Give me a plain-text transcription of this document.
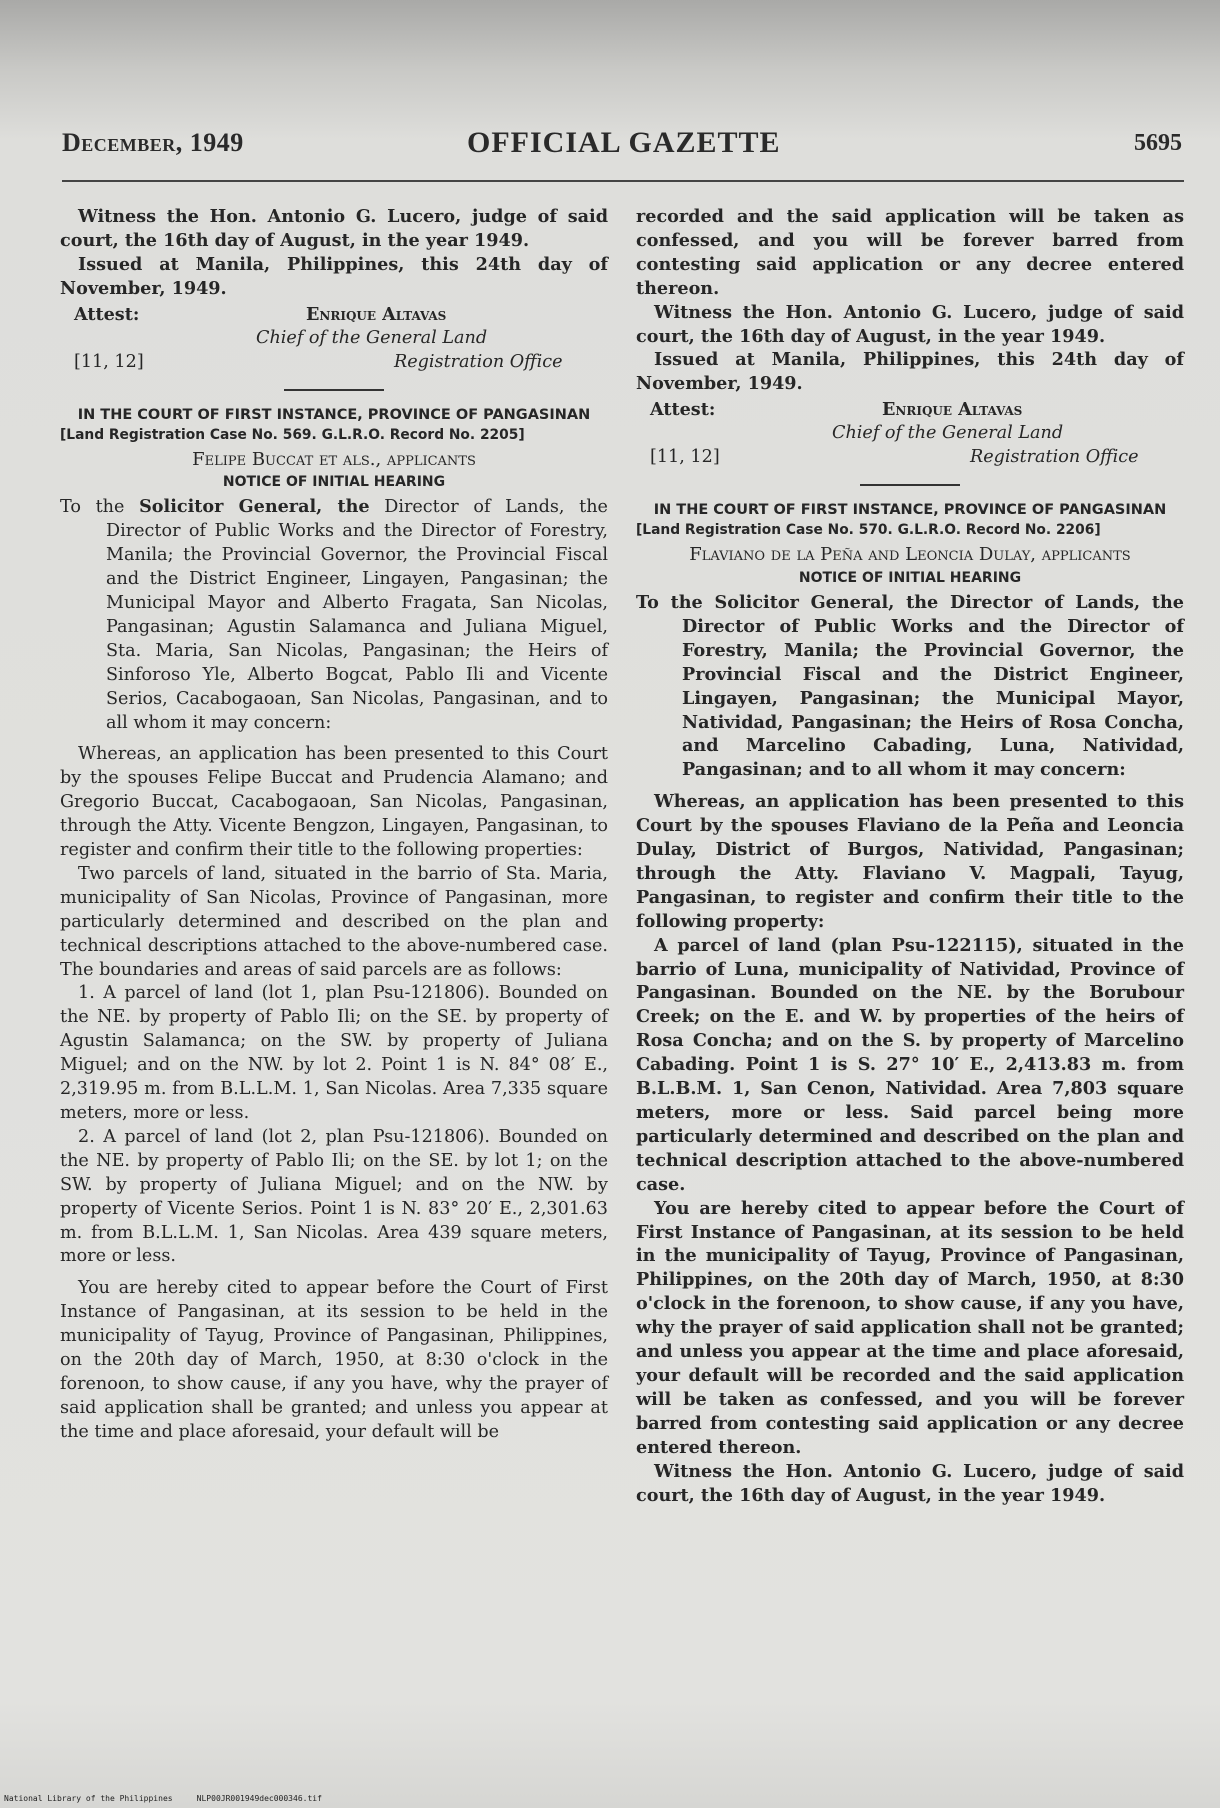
December, 1949	OFFICIAL GAZETTE	5695

Witness the Hon. Antonio G. Lucero, judge of said court, the 16th day of August, in the year 1949.

Issued at Manila, Philippines, this 24th day of November, 1949.

Attest:	Enrique Altavas
Chief of the General Land
[11, 12]	Registration Office

IN THE COURT OF FIRST INSTANCE, PROVINCE OF PANGASINAN

[Land Registration Case No. 569. G.L.R.O. Record No. 2205]

Felipe Buccat et als., applicants

NOTICE OF INITIAL HEARING

To the Solicitor General, the Director of Lands, the Director of Public Works and the Director of Forestry, Manila; the Provincial Governor, the Provincial Fiscal and the District Engineer, Lingayen, Pangasinan; the Municipal Mayor and Alberto Fragata, San Nicolas, Pangasinan; Agustin Salamanca and Juliana Miguel, Sta. Maria, San Nicolas, Pangasinan; the Heirs of Sinforoso Yle, Alberto Bogcat, Pablo Ili and Vicente Serios, Cacabogaoan, San Nicolas, Pangasinan, and to all whom it may concern:

Whereas, an application has been presented to this Court by the spouses Felipe Buccat and Prudencia Alamano; and Gregorio Buccat, Cacabogaoan, San Nicolas, Pangasinan, through the Atty. Vicente Bengzon, Lingayen, Pangasinan, to register and confirm their title to the following properties:

Two parcels of land, situated in the barrio of Sta. Maria, municipality of San Nicolas, Province of Pangasinan, more particularly determined and described on the plan and technical descriptions attached to the above-numbered case. The boundaries and areas of said parcels are as follows:

1. A parcel of land (lot 1, plan Psu-121806). Bounded on the NE. by property of Pablo Ili; on the SE. by property of Agustin Salamanca; on the SW. by property of Juliana Miguel; and on the NW. by lot 2. Point 1 is N. 84° 08′ E., 2,319.95 m. from B.L.L.M. 1, San Nicolas. Area 7,335 square meters, more or less.

2. A parcel of land (lot 2, plan Psu-121806). Bounded on the NE. by property of Pablo Ili; on the SE. by lot 1; on the SW. by property of Juliana Miguel; and on the NW. by property of Vicente Serios. Point 1 is N. 83° 20′ E., 2,301.63 m. from B.L.L.M. 1, San Nicolas. Area 439 square meters, more or less.

You are hereby cited to appear before the Court of First Instance of Pangasinan, at its session to be held in the municipality of Tayug, Province of Pangasinan, Philippines, on the 20th day of March, 1950, at 8:30 o'clock in the forenoon, to show cause, if any you have, why the prayer of said application shall be granted; and unless you appear at the time and place aforesaid, your default will be

recorded and the said application will be taken as confessed, and you will be forever barred from contesting said application or any decree entered thereon.

Witness the Hon. Antonio G. Lucero, judge of said court, the 16th day of August, in the year 1949.

Issued at Manila, Philippines, this 24th day of November, 1949.

Attest:	Enrique Altavas
Chief of the General Land
[11, 12]	Registration Office

IN THE COURT OF FIRST INSTANCE, PROVINCE OF PANGASINAN

[Land Registration Case No. 570. G.L.R.O. Record No. 2206]

Flaviano de la Peña and Leoncia Dulay, applicants

NOTICE OF INITIAL HEARING

To the Solicitor General, the Director of Lands, the Director of Public Works and the Director of Forestry, Manila; the Provincial Governor, the Provincial Fiscal and the District Engineer, Lingayen, Pangasinan; the Municipal Mayor, Natividad, Pangasinan; the Heirs of Rosa Concha, and Marcelino Cabading, Luna, Natividad, Pangasinan; and to all whom it may concern:

Whereas, an application has been presented to this Court by the spouses Flaviano de la Peña and Leoncia Dulay, District of Burgos, Natividad, Pangasinan; through the Atty. Flaviano V. Magpali, Tayug, Pangasinan, to register and confirm their title to the following property:

A parcel of land (plan Psu-122115), situated in the barrio of Luna, municipality of Natividad, Province of Pangasinan. Bounded on the NE. by the Borubour Creek; on the E. and W. by properties of the heirs of Rosa Concha; and on the S. by property of Marcelino Cabading. Point 1 is S. 27° 10′ E., 2,413.83 m. from B.L.B.M. 1, San Cenon, Natividad. Area 7,803 square meters, more or less. Said parcel being more particularly determined and described on the plan and technical description attached to the above-numbered case.

You are hereby cited to appear before the Court of First Instance of Pangasinan, at its session to be held in the municipality of Tayug, Province of Pangasinan, Philippines, on the 20th day of March, 1950, at 8:30 o'clock in the forenoon, to show cause, if any you have, why the prayer of said application shall not be granted; and unless you appear at the time and place aforesaid, your default will be recorded and the said application will be taken as confessed, and you will be forever barred from contesting said application or any decree entered thereon.

Witness the Hon. Antonio G. Lucero, judge of said court, the 16th day of August, in the year 1949.

National Library of the Philippines	NLP00JR001949dec000346.tif
